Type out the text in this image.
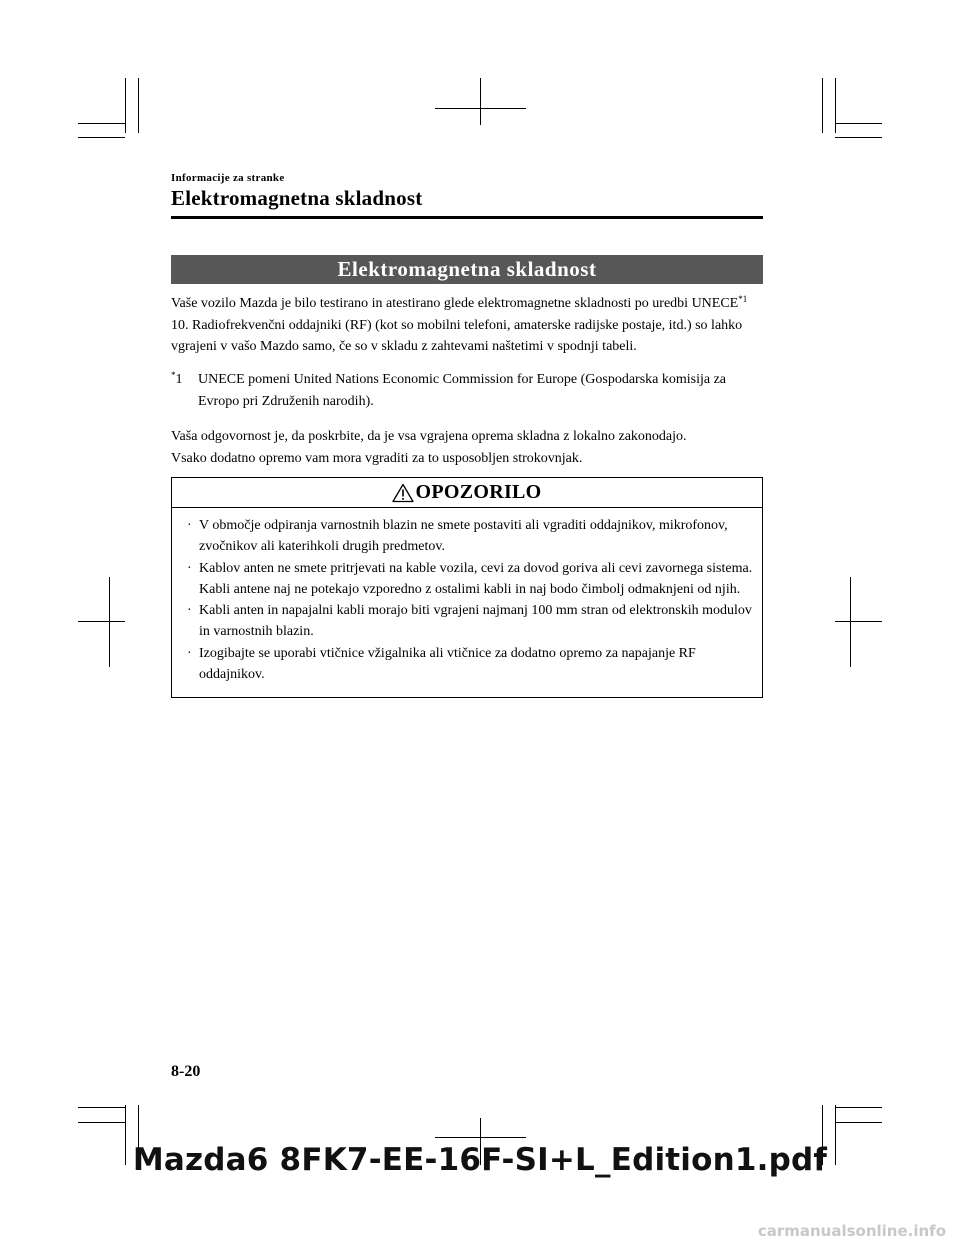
Informacije za stranke
Elektromagnetna skladnost
Elektromagnetna skladnost
Vaše vozilo Mazda je bilo testirano in atestirano glede elektromagnetne skladnosti po uredbi UNECE$^{*1}$ 10. Radiofrekvenčni oddajniki (RF) (kot so mobilni telefoni, amaterske radijske postaje, itd.) so lahko vgrajeni v vašo Mazdo samo, če so v skladu z zahtevami naštetimi v spodnji tabeli.
*1 UNECE pomeni United Nations Economic Commission for Europe (Gospodarska komisija za Evropo pri Združenih narodih).
Vaša odgovornost je, da poskrbite, da je vsa vgrajena oprema skladna z lokalno zakonodajo.
Vsako dodatno opremo vam mora vgraditi za to usposobljen strokovnjak.
OPOZORILO
· V območje odpiranja varnostnih blazin ne smete postaviti ali vgraditi oddajnikov, mikrofonov, zvočnikov ali katerihkoli drugih predmetov.
· Kablov anten ne smete pritrjevati na kable vozila, cevi za dovod goriva ali cevi zavornega sistema. Kabli antene naj ne potekajo vzporedno z ostalimi kabli in naj bodo čimbolj odmaknjeni od njih.
· Kabli anten in napajalni kabli morajo biti vgrajeni najmanj 100 mm stran od elektronskih modulov in varnostnih blazin.
· Izogibajte se uporabi vtičnice vžigalnika ali vtičnice za dodatno opremo za napajanje RF oddajnikov.
8-20
Mazda6 8FK7-EE-16F-SI+L_Edition1.pdf
carmanualsonline.info
